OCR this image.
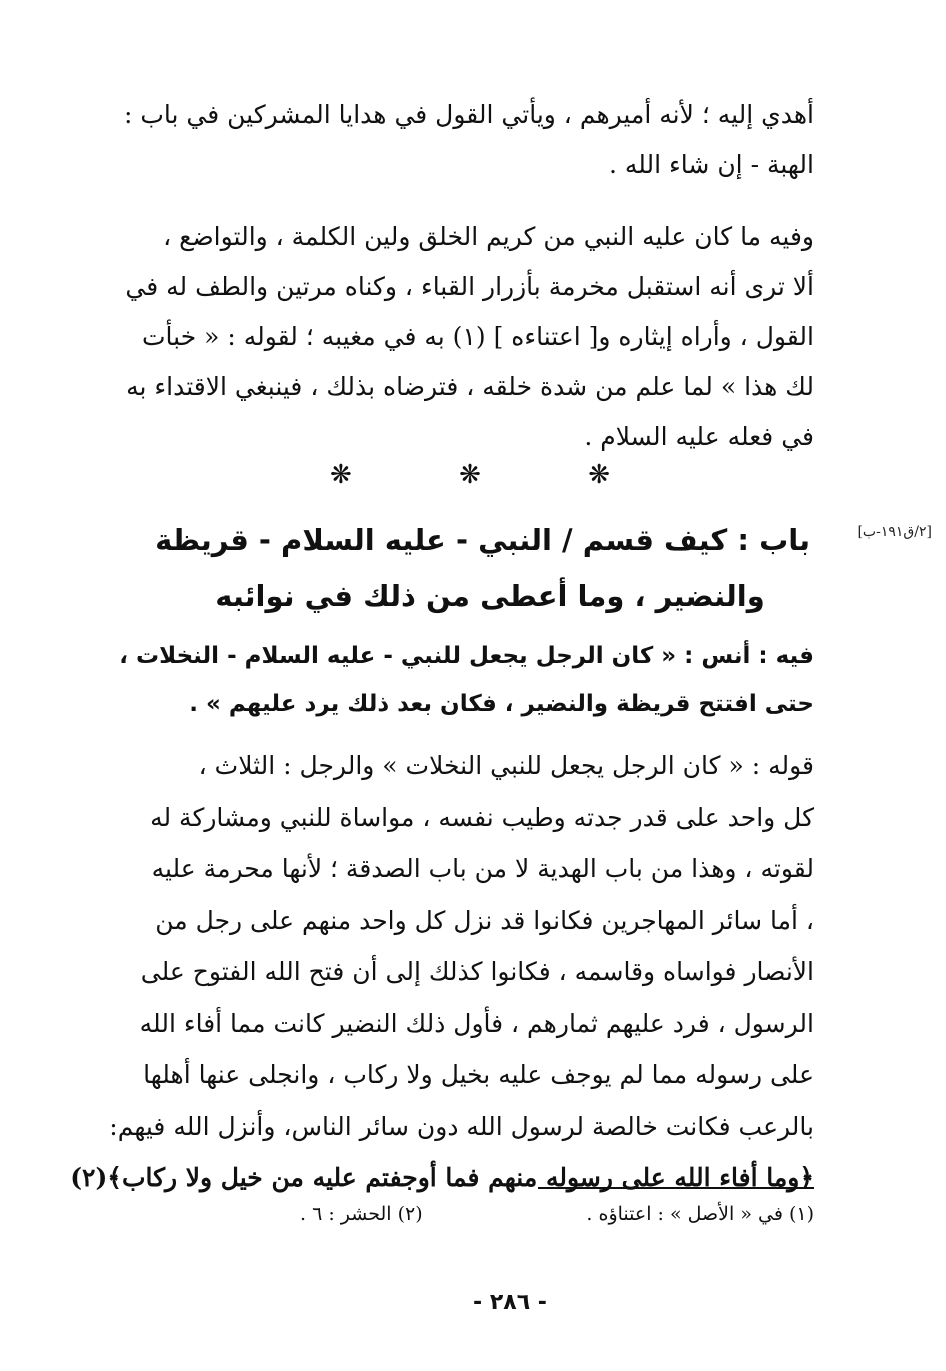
أهدي إليه ؛ لأنه أميرهم ، ويأتي القول في هدايا المشركين في باب :
الهبة - إن شاء الله .
وفيه ما كان عليه النبي من كريم الخلق ولين الكلمة ، والتواضع ،
ألا ترى أنه استقبل مخرمة بأزرار القباء ، وكناه مرتين والطف له في
القول ، وأراه إيثاره و[ اعتناءه ] (١) به في مغيبه ؛ لقوله : « خبأت
لك هذا » لما علم من شدة خلقه ، فترضاه بذلك ، فينبغي الاقتداء به
في فعله عليه السلام .
❋	❋	❋
[٢/ق١٩١-ب]
باب : كيف قسم / النبي - عليه السلام - قريظة
والنضير ، وما أعطى من ذلك في نوائبه
فيه : أنس : « كان الرجل يجعل للنبي - عليه السلام - النخلات ،
حتى افتتح قريظة والنضير ، فكان بعد ذلك يرد عليهم » .
قوله : « كان الرجل يجعل للنبي النخلات » والرجل : الثلاث ،
كل واحد على قدر جدته وطيب نفسه ، مواساة للنبي ومشاركة له
لقوته ، وهذا من باب الهدية لا من باب الصدقة ؛ لأنها محرمة عليه
، أما سائر المهاجرين فكانوا قد نزل كل واحد منهم على رجل من
الأنصار فواساه وقاسمه ، فكانوا كذلك إلى أن فتح الله الفتوح على
الرسول ، فرد عليهم ثمارهم ، فأول ذلك النضير كانت مما أفاء الله
على رسوله مما لم يوجف عليه بخيل ولا ركاب ، وانجلى عنها أهلها
بالرعب فكانت خالصة لرسول الله دون سائر الناس، وأنزل الله فيهم:
﴿وما أفاء الله على رسوله منهم فما أوجفتم عليه من خيل ولا ركاب﴾(٢)
(١) في « الأصل » : اعتناؤه .
(٢) الحشر : ٦ .
- ٢٨٦ -
